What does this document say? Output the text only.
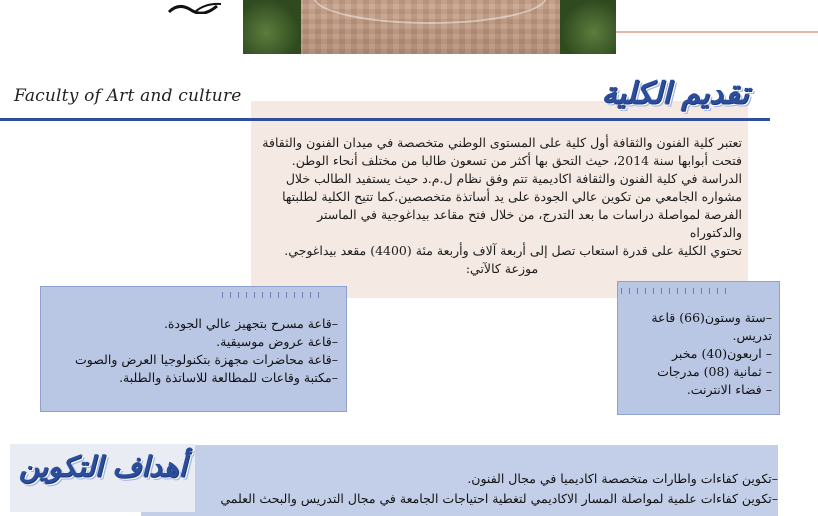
Faculty of Art and culture	تقديم الكلية

تعتبر كلية الفنون والثقافة أول كلية على المستوى الوطني متخصصة في ميدان الفنون والثقافة

فتحت أبوابها سنة 2014، حيث التحق بها أكثر من تسعون طالبا من مختلف أنحاء الوطن.

الدراسة في كلية الفنون والثقافة اكاديمية تتم وفق نظام ل.م.د حيث يستفيد الطالب خلال

مشواره الجامعي من تكوين عالي الجودة على يد أساتذة متخصصين.كما تتيح الكلية لطلبتها

الفرصة لمواصلة دراسات ما بعد التدرج، من خلال فتح مقاعد بيداغوجية في الماستر والدكتوراه

تحتوي الكلية على قدرة استعاب تصل إلى أربعة آلاف وأربعة مئة (4400) مقعد بيداغوجي.

موزعة كالآتي:

–قاعة مسرح بتجهيز عالي الجودة.
–قاعة عروض موسيقية.
–قاعة محاضرات مجهزة بتكنولوجيا العرض والصوت
–مكتبة وقاعات للمطالعة للاساتذة والطلبة.
–ستة وستون(66) قاعة تدريس.
– اربعون(40) مخبر
– ثمانية (08) مدرجات
– فضاء الانترنت.
أهداف التكوين	–تكوين كفاءات واطارات متخصصة اكاديميا في مجال الفنون.
–تكوين كفاءات علمية لمواصلة المسار الاكاديمي لتغطية احتياجات الجامعة في مجال التدريس والبحث العلمي
